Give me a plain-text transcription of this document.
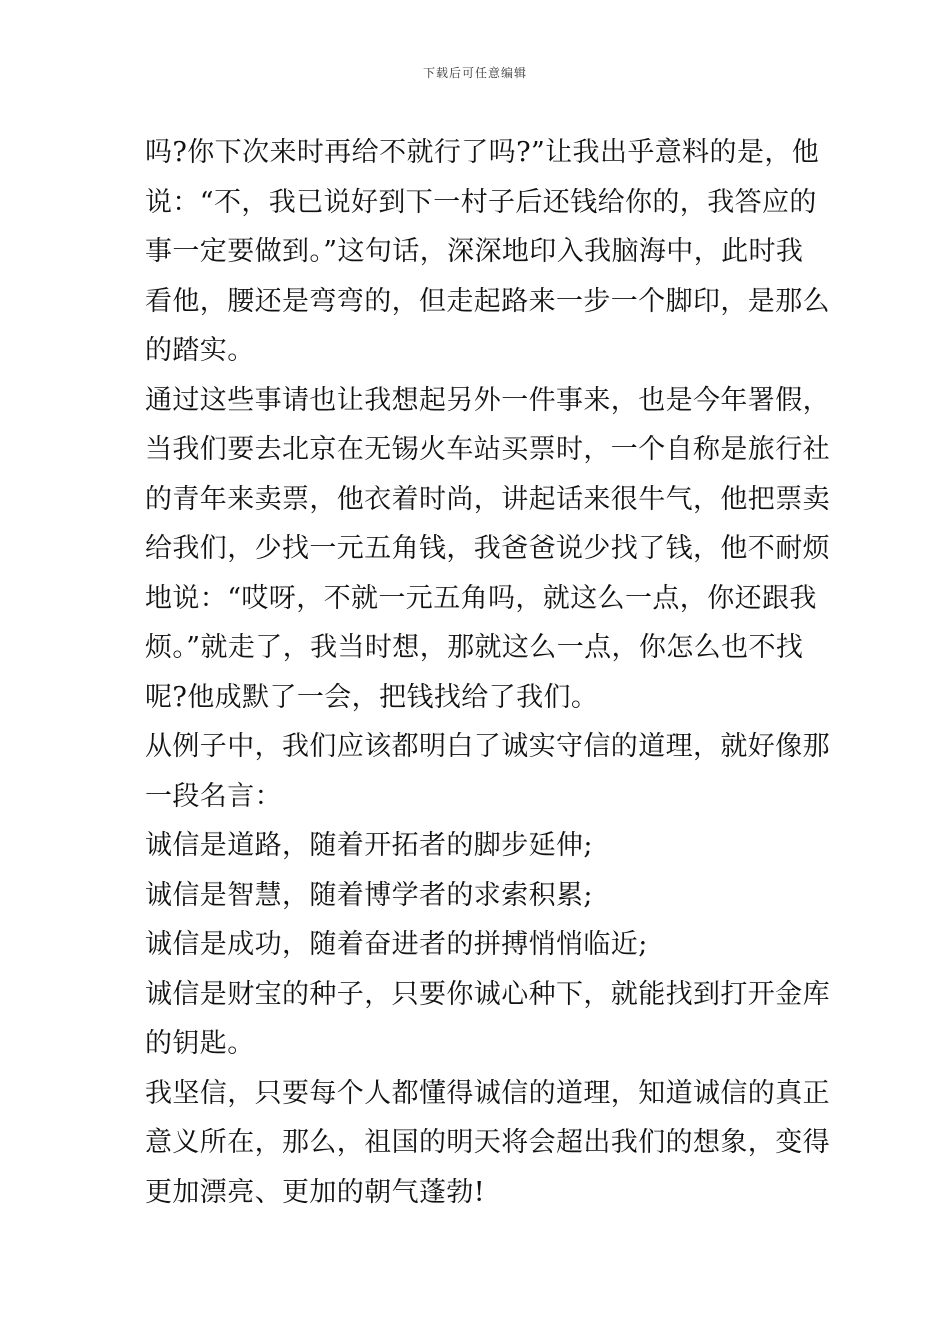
下载后可任意编辑
吗?你下次来时再给不就行了吗?”让我出乎意料的是，他
说：“不，我已说好到下一村子后还钱给你的，我答应的
事一定要做到。”这句话，深深地印入我脑海中，此时我
看他，腰还是弯弯的，但走起路来一步一个脚印，是那么
的踏实。
通过这些事请也让我想起另外一件事来，也是今年署假，
当我们要去北京在无锡火车站买票时，一个自称是旅行社
的青年来卖票，他衣着时尚，讲起话来很牛气，他把票卖
给我们，少找一元五角钱，我爸爸说少找了钱，他不耐烦
地说：“哎呀，不就一元五角吗，就这么一点，你还跟我
烦。”就走了，我当时想，那就这么一点，你怎么也不找
呢?他成默了一会，把钱找给了我们。
从例子中，我们应该都明白了诚实守信的道理，就好像那
一段名言：
诚信是道路，随着开拓者的脚步延伸;
诚信是智慧，随着博学者的求索积累;
诚信是成功，随着奋进者的拼搏悄悄临近;
诚信是财宝的种子，只要你诚心种下，就能找到打开金库
的钥匙。
我坚信，只要每个人都懂得诚信的道理，知道诚信的真正
意义所在，那么，祖国的明天将会超出我们的想象，变得
更加漂亮、更加的朝气蓬勃!
